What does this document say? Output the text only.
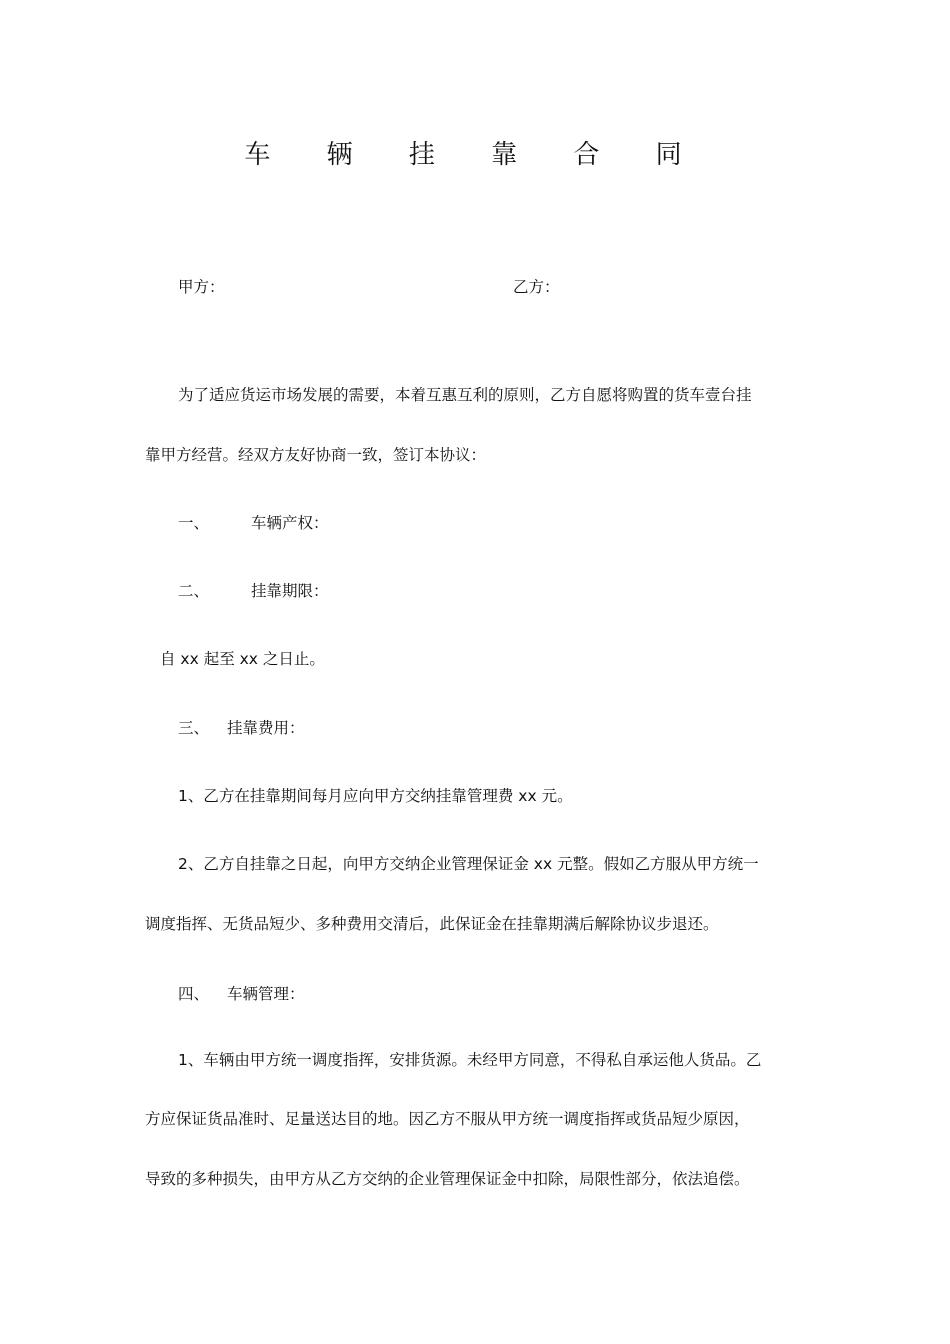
车 辆 挂 靠 合 同
甲方：	乙方：
为了适应货运市场发展的需要，本着互惠互利的原则，乙方自愿将购置的货车壹台挂
靠甲方经营。经双方友好协商一致，签订本协议：
一、	车辆产权：
二、	挂靠期限：
自 xx 起至 xx 之日止。
三、 挂靠费用：
1、乙方在挂靠期间每月应向甲方交纳挂靠管理费 xx 元。
2、乙方自挂靠之日起，向甲方交纳企业管理保证金 xx 元整。假如乙方服从甲方统一
调度指挥、无货品短少、多种费用交清后，此保证金在挂靠期满后解除协议步退还。
四、 车辆管理：
1、车辆由甲方统一调度指挥，安排货源。未经甲方同意，不得私自承运他人货品。乙
方应保证货品准时、足量送达目的地。因乙方不服从甲方统一调度指挥或货品短少原因，
导致的多种损失，由甲方从乙方交纳的企业管理保证金中扣除，局限性部分，依法追偿。
